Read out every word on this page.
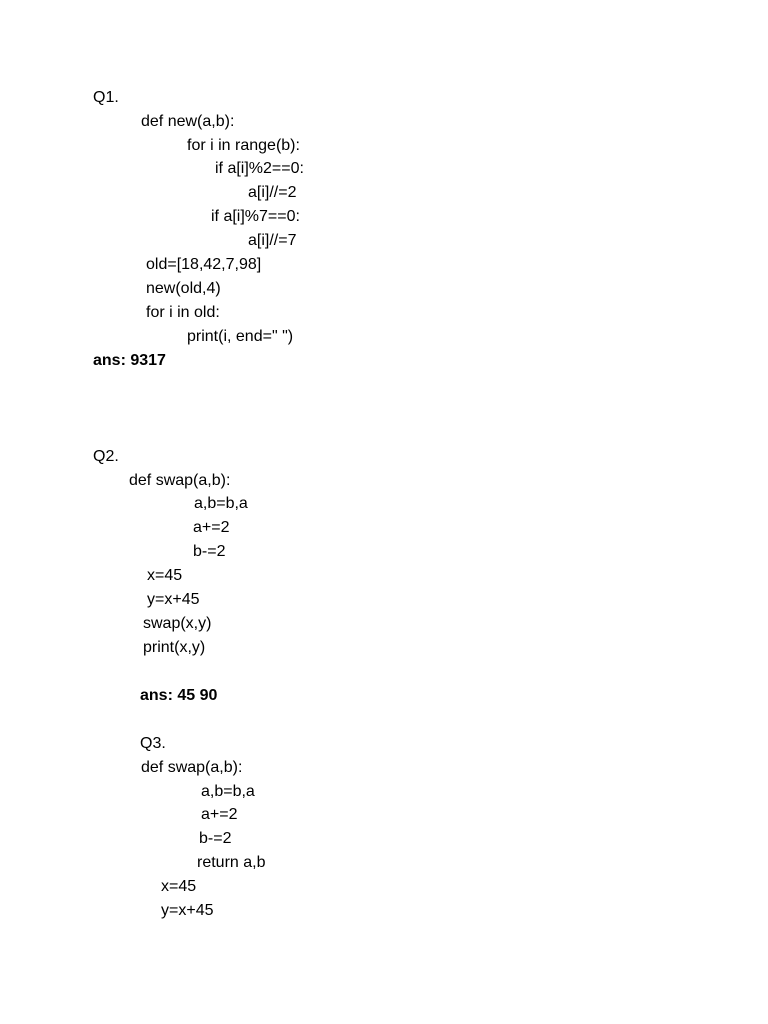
Q1.
def new(a,b):
for i in range(b):
if a[i]%2==0:
a[i]//=2
if a[i]%7==0:
a[i]//=7
old=[18,42,7,98]
new(old,4)
for i in old:
print(i, end=" ")
ans: 9317
Q2.
def swap(a,b):
a,b=b,a
a+=2
b-=2
x=45
y=x+45
swap(x,y)
print(x,y)
ans: 45 90
Q3.
def swap(a,b):
a,b=b,a
a+=2
b-=2
return a,b
x=45
y=x+45
